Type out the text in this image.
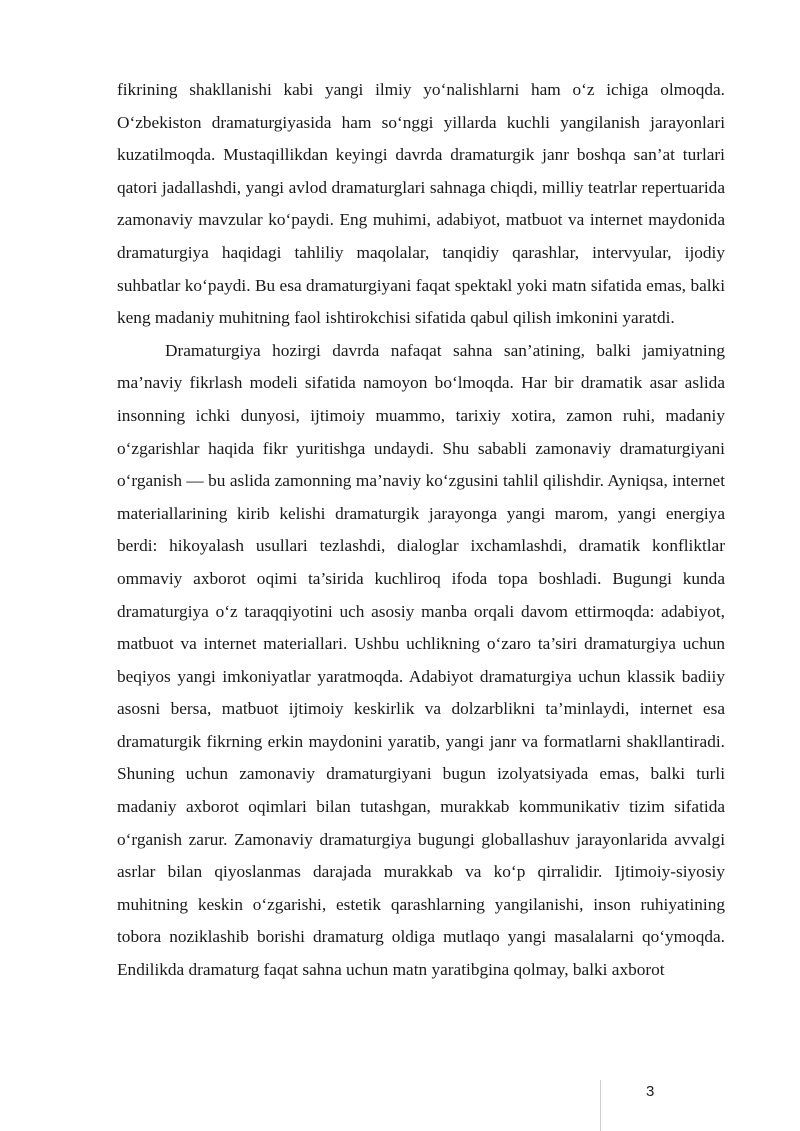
fikrining shakllanishi kabi yangi ilmiy yo‘nalishlarni ham o‘z ichiga olmoqda. O‘zbekiston dramaturgiyasida ham so‘nggi yillarda kuchli yangilanish jarayonlari kuzatilmoqda. Mustaqillikdan keyingi davrda dramaturgik janr boshqa san’at turlari qatori jadallashdi, yangi avlod dramaturglari sahnaga chiqdi, milliy teatrlar repertuarida zamonaviy mavzular ko‘paydi. Eng muhimi, adabiyot, matbuot va internet maydonida dramaturgiya haqidagi tahliliy maqolalar, tanqidiy qarashlar, intervyular, ijodiy suhbatlar ko‘paydi. Bu esa dramaturgiyani faqat spektakl yoki matn sifatida emas, balki keng madaniy muhitning faol ishtirokchisi sifatida qabul qilish imkonini yaratdi.

Dramaturgiya hozirgi davrda nafaqat sahna san’atining, balki jamiyatning ma’naviy fikrlash modeli sifatida namoyon bo‘lmoqda. Har bir dramatik asar aslida insonning ichki dunyosi, ijtimoiy muammo, tarixiy xotira, zamon ruhi, madaniy o‘zgarishlar haqida fikr yuritishga undaydi. Shu sababli zamonaviy dramaturgiyani o‘rganish — bu aslida zamonning ma’naviy ko‘zgusini tahlil qilishdir. Ayniqsa, internet materiallarining kirib kelishi dramaturgik jarayonga yangi marom, yangi energiya berdi: hikoyalash usullari tezlashdi, dialoglar ixchamlashdi, dramatik konfliktlar ommaviy axborot oqimi ta’sirida kuchliroq ifoda topa boshladi. Bugungi kunda dramaturgiya o‘z taraqqiyotini uch asosiy manba orqali davom ettirmoqda: adabiyot, matbuot va internet materiallari. Ushbu uchlikning o‘zaro ta’siri dramaturgiya uchun beqiyos yangi imkoniyatlar yaratmoqda. Adabiyot dramaturgiya uchun klassik badiiy asosni bersa, matbuot ijtimoiy keskirlik va dolzarblikni ta’minlaydi, internet esa dramaturgik fikrning erkin maydonini yaratib, yangi janr va formatlarni shakllantiradi. Shuning uchun zamonaviy dramaturgiyani bugun izolyatsiyada emas, balki turli madaniy axborot oqimlari bilan tutashgan, murakkab kommunikativ tizim sifatida o‘rganish zarur. Zamonaviy dramaturgiya bugungi globallashuv jarayonlarida avvalgi asrlar bilan qiyoslanmas darajada murakkab va ko‘p qirralidir. Ijtimoiy-siyosiy muhitning keskin o‘zgarishi, estetik qarashlarning yangilanishi, inson ruhiyatining tobora noziklashib borishi dramaturg oldiga mutlaqo yangi masalalarni qo‘ymoqda. Endilikda dramaturg faqat sahna uchun matn yaratibgina qolmay, balki axborot

3
